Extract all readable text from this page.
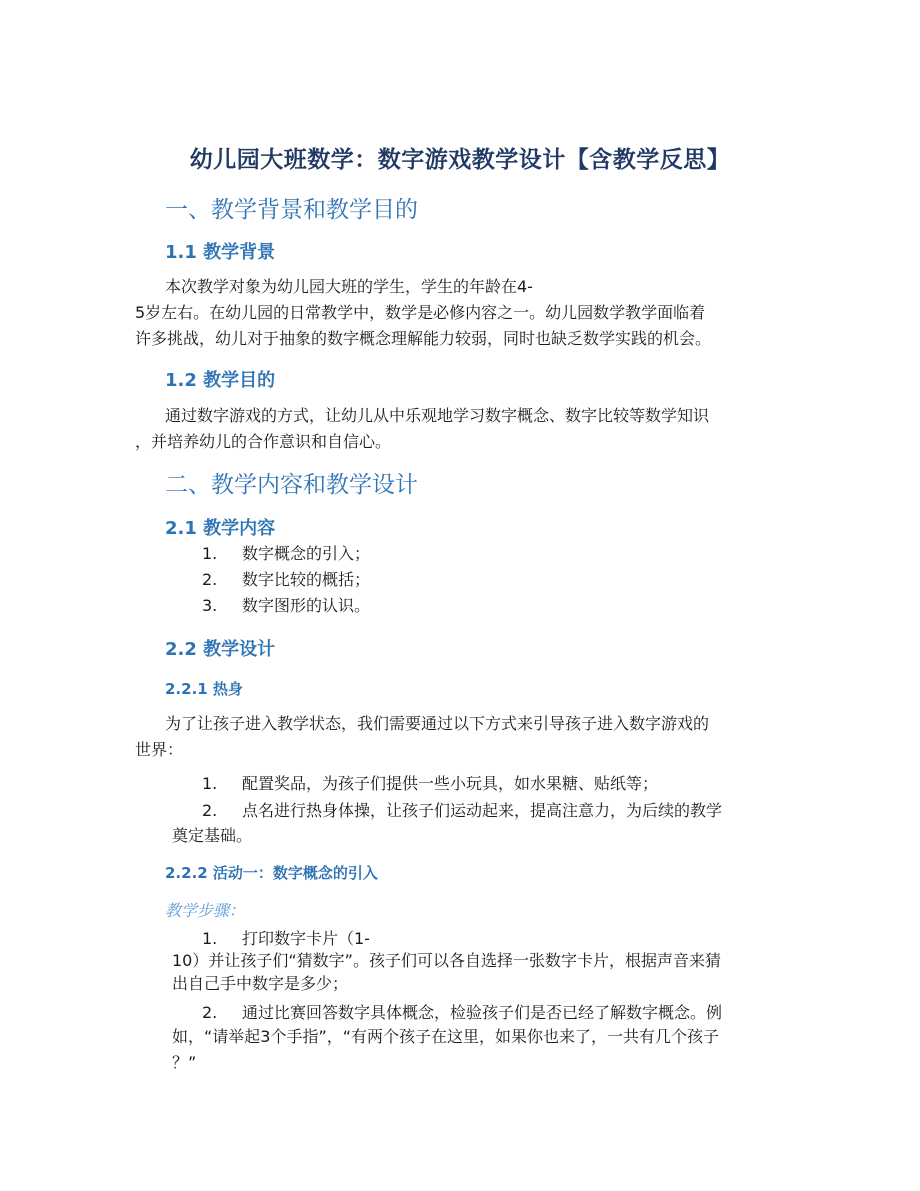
幼儿园大班数学：数字游戏教学设计【含教学反思】
一、教学背景和教学目的
1.1 教学背景
本次教学对象为幼儿园大班的学生，学生的年龄在4-
5岁左右。在幼儿园的日常教学中，数学是必修内容之一。幼儿园数学教学面临着
许多挑战，幼儿对于抽象的数字概念理解能力较弱，同时也缺乏数学实践的机会。
1.2 教学目的
通过数字游戏的方式，让幼儿从中乐观地学习数字概念、数字比较等数学知识
，并培养幼儿的合作意识和自信心。
二、教学内容和教学设计
2.1 教学内容
1. 数字概念的引入；
2. 数字比较的概括；
3. 数字图形的认识。
2.2 教学设计
2.2.1 热身
为了让孩子进入教学状态，我们需要通过以下方式来引导孩子进入数字游戏的
世界：
1. 配置奖品，为孩子们提供一些小玩具，如水果糖、贴纸等；
2. 点名进行热身体操，让孩子们运动起来，提高注意力，为后续的教学
奠定基础。
2.2.2 活动一：数字概念的引入
教学步骤：
1. 打印数字卡片（1-
10）并让孩子们“猜数字”。孩子们可以各自选择一张数字卡片，根据声音来猜
出自己手中数字是多少；
2. 通过比赛回答数字具体概念，检验孩子们是否已经了解数字概念。例
如，“请举起3个手指”，“有两个孩子在这里，如果你也来了，一共有几个孩子
？”
